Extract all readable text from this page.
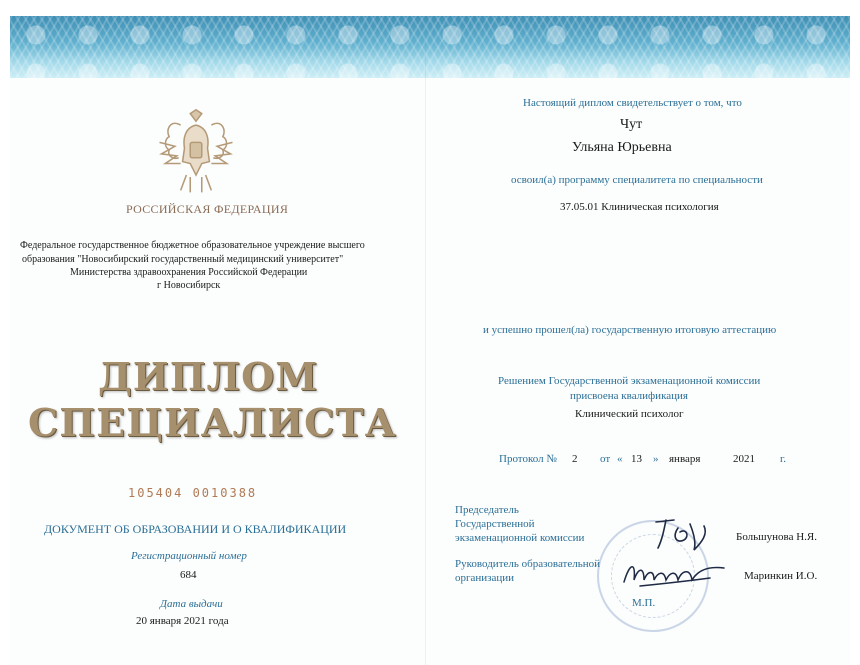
РОССИЙСКАЯ ФЕДЕРАЦИЯ
Федеральное государственное бюджетное образовательное учреждение высшего
образования "Новосибирский государственный медицинский университет"
Министерства здравоохранения Российской Федерации
г Новосибирск
ДИПЛОМ
СПЕЦИАЛИСТА
105404 0010388
ДОКУМЕНТ ОБ ОБРАЗОВАНИИ И О КВАЛИФИКАЦИИ
Регистрационный номер
684
Дата выдачи
20 января 2021 года
Настоящий диплом свидетельствует о том, что
Чут
Ульяна Юрьевна
освоил(а) программу специалитета по специальности
37.05.01 Клиническая психология
и успешно прошел(ла) государственную итоговую аттестацию
Решением Государственной экзаменационной комиссии
присвоена квалификация
Клинический психолог
Протокол № 2 от « 13 » января	2021 г.
Председатель
Государственной
экзаменационной комиссии	Большунова Н.Я.
Руководитель образовательной
организации	Маринкин И.О.
М.П.
